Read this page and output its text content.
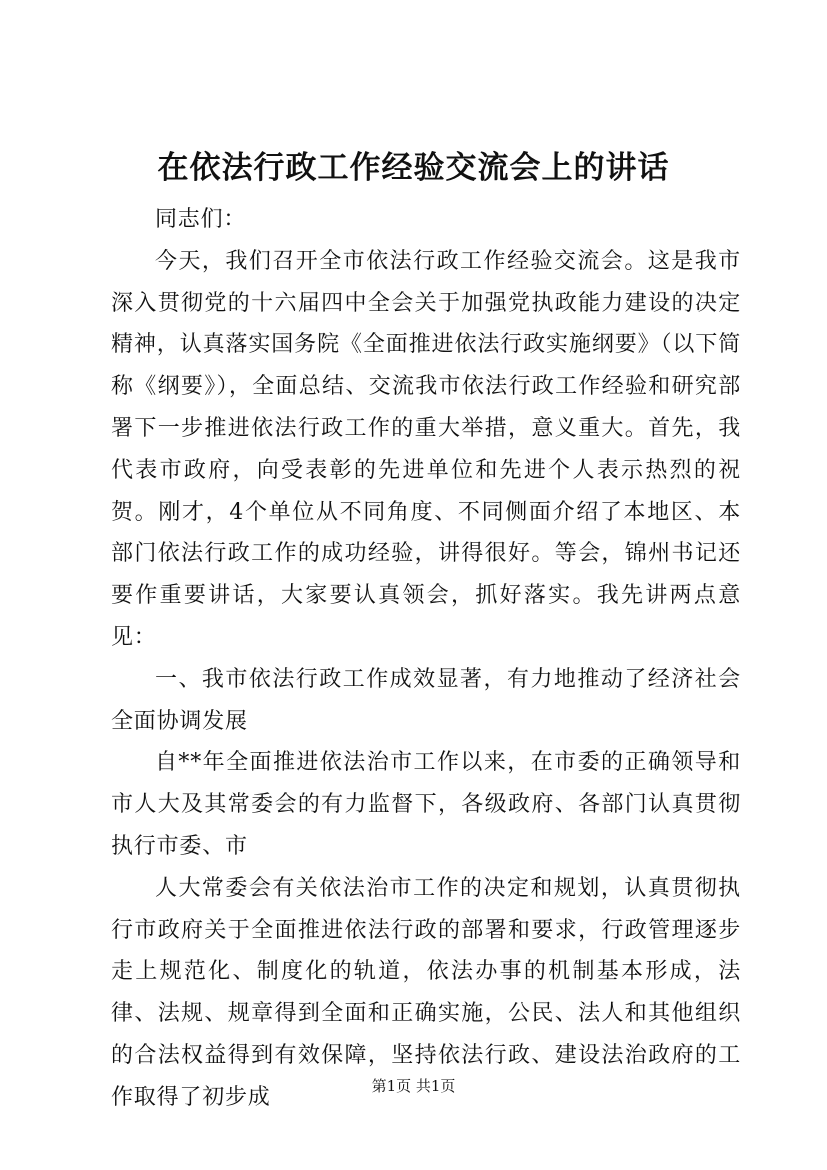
在依法行政工作经验交流会上的讲话

同志们：

今天，我们召开全市依法行政工作经验交流会。这是我市深入贯彻党的十六届四中全会关于加强党执政能力建设的决定精神，认真落实国务院《全面推进依法行政实施纲要》（以下简称《纲要》），全面总结、交流我市依法行政工作经验和研究部署下一步推进依法行政工作的重大举措，意义重大。首先，我代表市政府，向受表彰的先进单位和先进个人表示热烈的祝贺。刚才，4个单位从不同角度、不同侧面介绍了本地区、本部门依法行政工作的成功经验，讲得很好。等会，锦州书记还要作重要讲话，大家要认真领会，抓好落实。我先讲两点意见：

一、我市依法行政工作成效显著，有力地推动了经济社会全面协调发展

自**年全面推进依法治市工作以来，在市委的正确领导和市人大及其常委会的有力监督下，各级政府、各部门认真贯彻执行市委、市

人大常委会有关依法治市工作的决定和规划，认真贯彻执行市政府关于全面推进依法行政的部署和要求，行政管理逐步走上规范化、制度化的轨道，依法办事的机制基本形成，法律、法规、规章得到全面和正确实施，公民、法人和其他组织的合法权益得到有效保障，坚持依法行政、建设法治政府的工作取得了初步成	第1页 共1页
